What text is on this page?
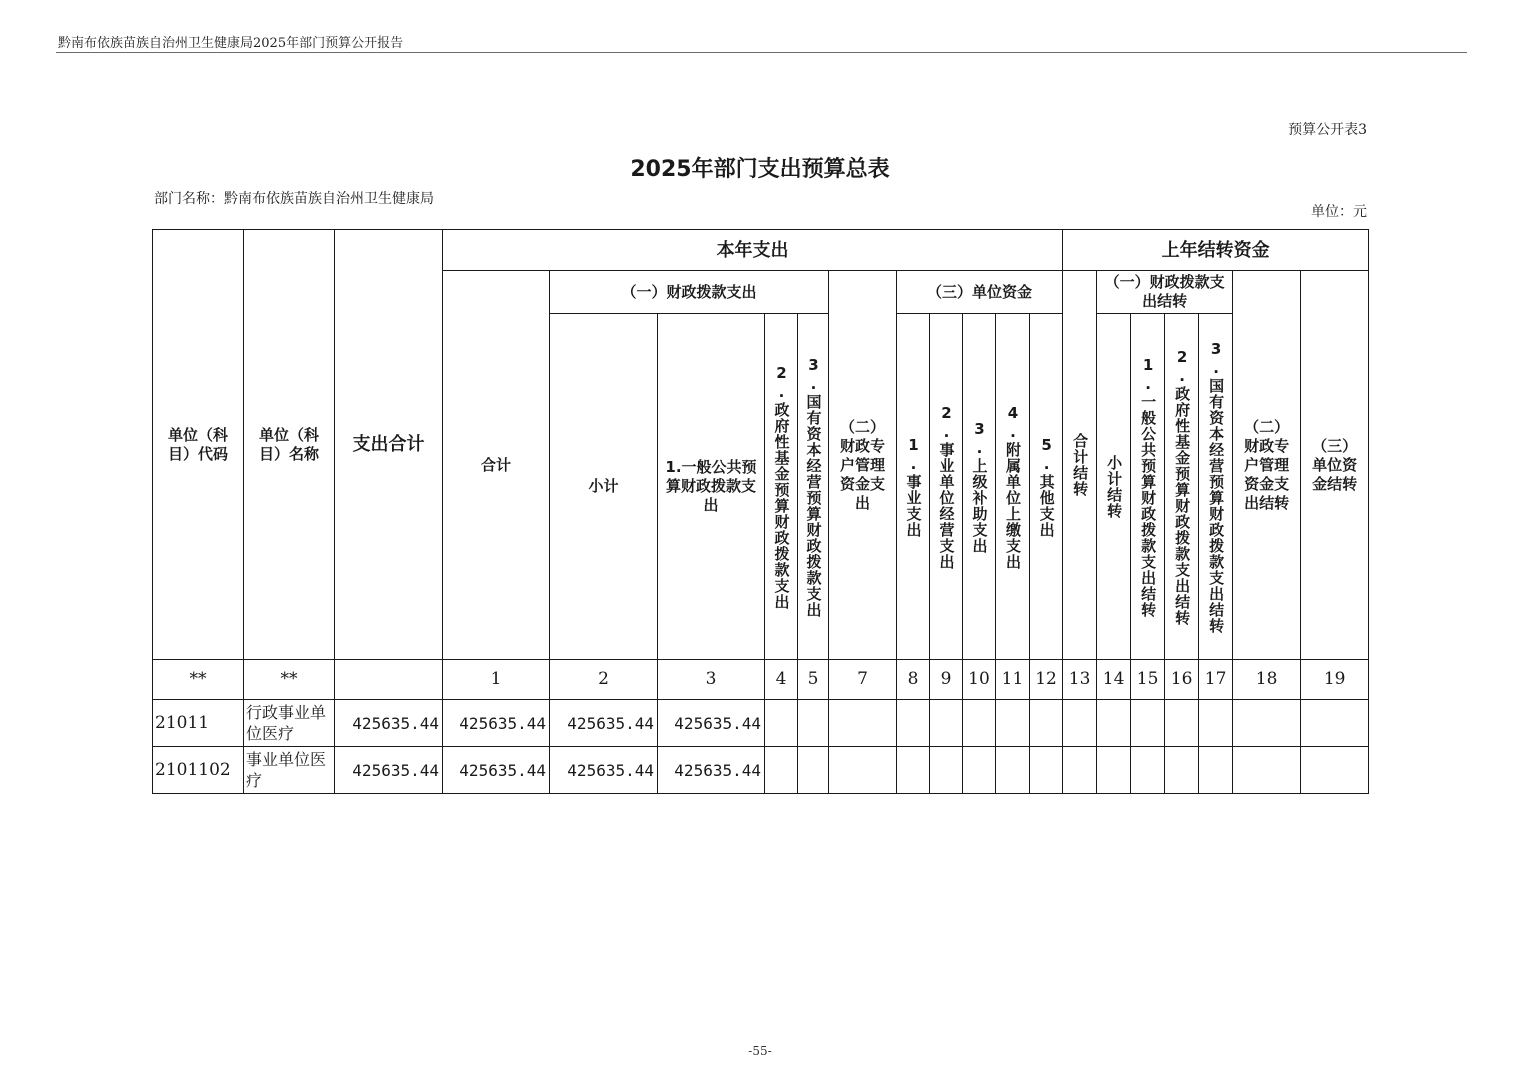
黔南布依族苗族自治州卫生健康局2025年部门预算公开报告
预算公开表3
2025年部门支出预算总表
部门名称：黔南布依族苗族自治州卫生健康局
单位：元
单位（科目）代码	单位（科目）名称	支出合计	本年支出											上年结转资金						
			合计	（一）财政拨款支出				（二）财政专户管理资金支出	（三）单位资金					合计结转	（一）财政拨款支出结转				（二）财政专户管理资金支出结转	（三）单位资金结转
				小计	1.一般公共预算财政拨款支出	2.政府性基金预算财政拨款支出	3.国有资本经营预算财政拨款支出		1.事业支出	2.事业单位经营支出	3.上级补助支出	4.附属单位上缴支出	5.其他支出		小计结转	1.一般公共预算财政拨款支出结转	2.政府性基金预算财政拨款支出结转	3.国有资本经营预算财政拨款支出结转		
**	**		1	2	3	4	5	7	8	9	10	11	12	13	14	15	16	17	18	19
21011	行政事业单位医疗	425635.44	425635.44	425635.44	425635.44															
2101102	事业单位医疗	425635.44	425635.44	425635.44	425635.44															
-55-
